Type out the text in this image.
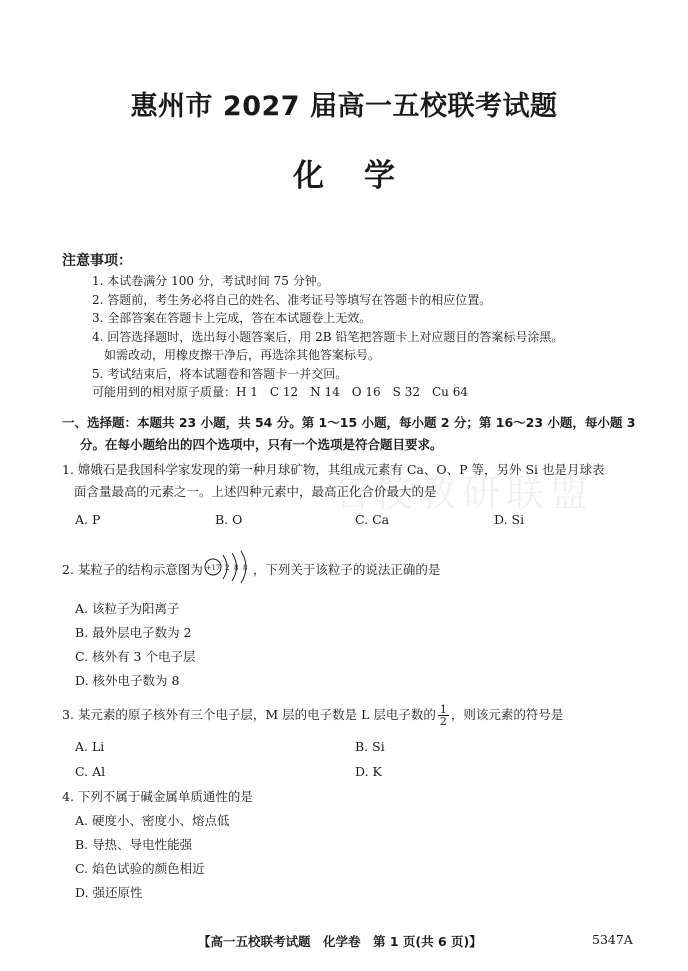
惠州市 2027 届高一五校联考试题
化学
名校教研联盟
注意事项：
1. 本试卷满分 100 分，考试时间 75 分钟。
2. 答题前，考生务必将自己的姓名、准考证号等填写在答题卡的相应位置。
3. 全部答案在答题卡上完成，答在本试题卷上无效。
4. 回答选择题时，选出每小题答案后，用 2B 铅笔把答题卡上对应题目的答案标号涂黑。
如需改动，用橡皮擦干净后，再选涂其他答案标号。
5. 考试结束后，将本试题卷和答题卡一并交回。
可能用到的相对原子质量：H 1　C 12　N 14　O 16　S 32　Cu 64
一、选择题：本题共 23 小题，共 54 分。第 1～15 小题，每小题 2 分；第 16～23 小题，每小题 3
分。在每小题给出的四个选项中，只有一个选项是符合题目要求。
1. 嫦娥石是我国科学家发现的第一种月球矿物，其组成元素有 Ca、O、P 等，另外 Si 也是月球表
面含量最高的元素之一。上述四种元素中，最高正化合价最大的是
A. P	B. O	C. Ca	D. Si
2. 某粒子的结构示意图为 +17 2 8 8 ，下列关于该粒子的说法正确的是
A. 该粒子为阳离子
B. 最外层电子数为 2
C. 核外有 3 个电子层
D. 核外电子数为 8
3. 某元素的原子核外有三个电子层，M 层的电子数是 L 层电子数的 $\frac{1}{2}$ ，则该元素的符号是
A. Li	B. Si
C. Al	D. K
4. 下列不属于碱金属单质通性的是
A. 硬度小、密度小、熔点低
B. 导热、导电性能强
C. 焰色试验的颜色相近
D. 强还原性
【高一五校联考试题　化学卷　第 1 页(共 6 页)】	5347A
